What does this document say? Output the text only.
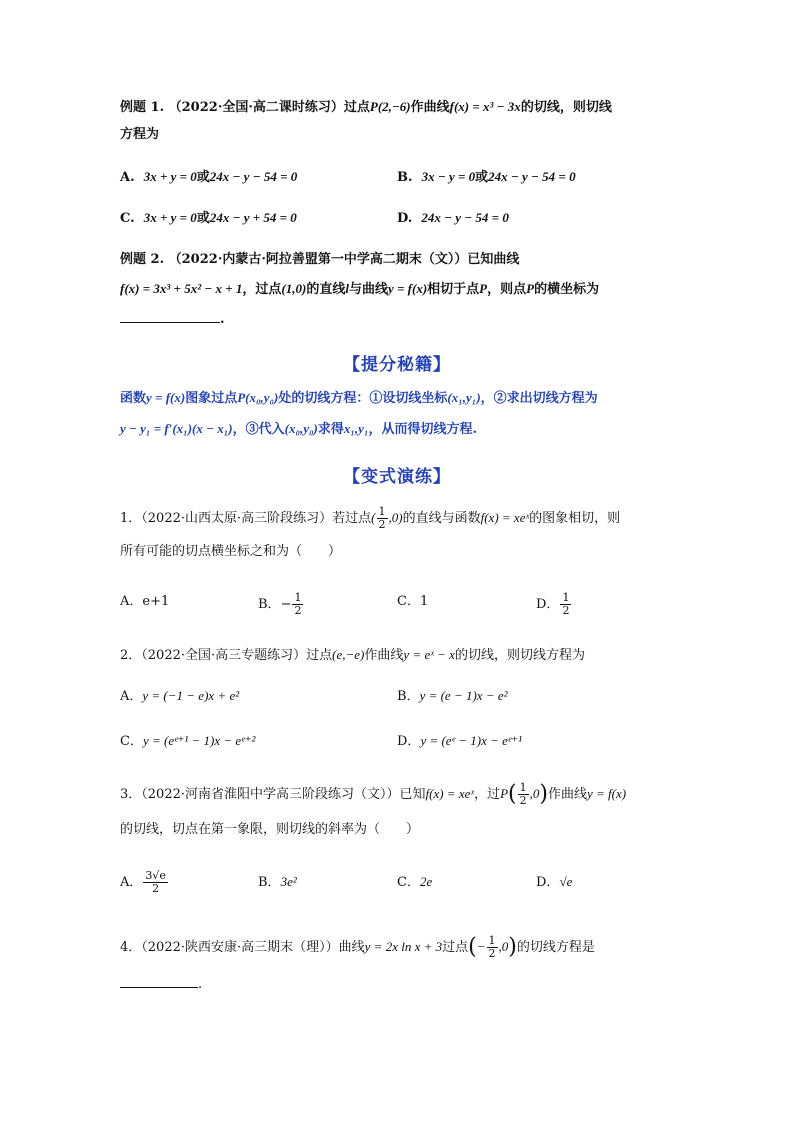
例题 1. （2022·全国·高二课时练习）过点P(2,−6)作曲线f(x) = x³ − 3x的切线，则切线
方程为
A. 3x + y = 0或24x − y − 54 = 0	B. 3x − y = 0或24x − y − 54 = 0
C. 3x + y = 0或24x − y + 54 = 0	D. 24x − y − 54 = 0
例题 2. （2022·内蒙古·阿拉善盟第一中学高二期末（文））已知曲线
f(x) = 3x³ + 5x² − x + 1，过点(1,0)的直线l与曲线y = f(x)相切于点P，则点P的横坐标为
.
【提分秘籍】
函数y = f(x)图象过点P(x₀,y₀)处的切线方程：①设切线坐标(x₁,y₁)，②求出切线方程为
y − y₁ = f′(x₁)(x − x₁)，③代入(x₀,y₀)求得x₁,y₁，从而得切线方程.
【变式演练】
1．（2022·山西太原·高三阶段练习）若过点( $\frac{1}{2} ,0$)的直线与函数f(x) = xeˣ的图象相切，则
所有可能的切点横坐标之和为（　　）
A．e+1	B．− $\frac{1}{2}$	C．1	D． $\frac{1}{2}$
2．（2022·全国·高三专题练习）过点(e,−e)作曲线y = eˣ − x的切线，则切线方程为
A．y = (−1 − e)x + e²	B．y = (e − 1)x − e²
C．y = (eᵉ⁺¹ − 1)x − eᵉ⁺²	D．y = (eᵉ − 1)x − eᵉ⁺¹
3．（2022·河南省淮阳中学高三阶段练习（文））已知f(x) = xeˣ，过$P( \frac{1}{2} ,0)$作曲线y = f(x)
的切线，切点在第一象限，则切线的斜率为（　　）
A． $\frac{3√e}{2}$	B．3e²	C．2e	D．√e
4．（2022·陕西安康·高三期末（理））曲线y = 2x ln x + 3过点(− $\frac{1}{2} ,0$)的切线方程是
.
